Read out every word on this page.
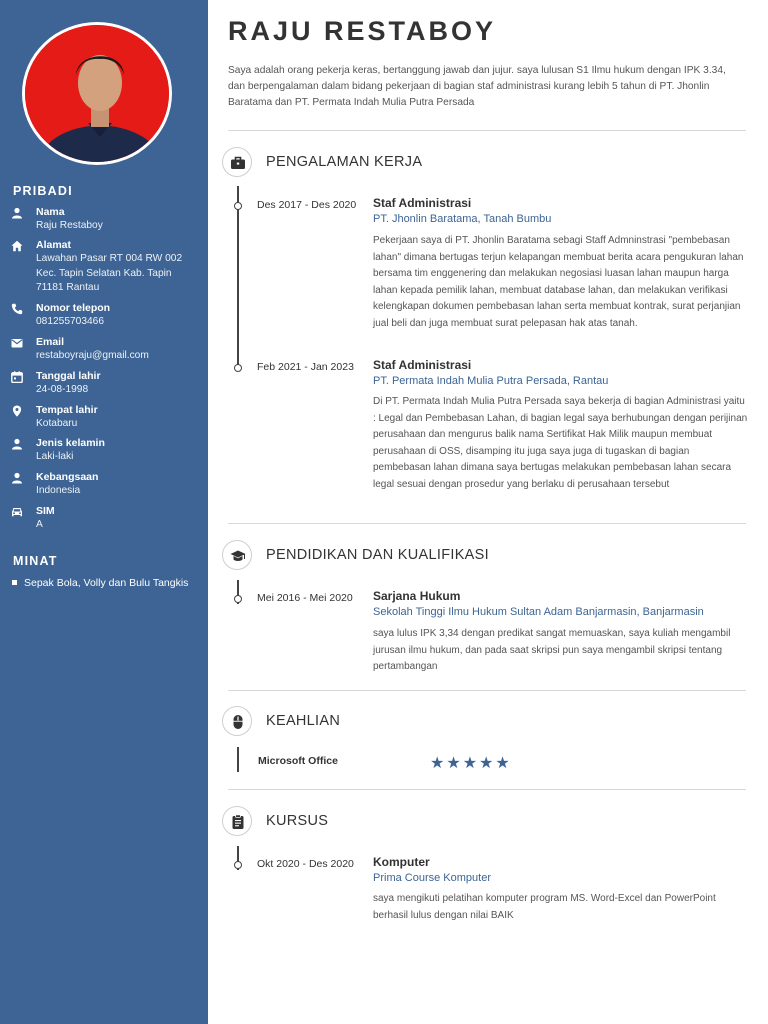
PRIBADI
Nama
Raju Restaboy
Alamat
Lawahan Pasar RT 004 RW 002 Kec. Tapin Selatan Kab. Tapin 71181 Rantau
Nomor telepon
081255703466
Email
restaboyraju@gmail.com
Tanggal lahir
24-08-1998
Tempat lahir
Kotabaru
Jenis kelamin
Laki-laki
Kebangsaan
Indonesia
SIM
A
MINAT
Sepak Bola, Volly dan Bulu Tangkis
RAJU RESTABOY
Saya adalah orang pekerja keras, bertanggung jawab dan jujur. saya lulusan S1 Ilmu hukum dengan IPK 3.34, dan berpengalaman dalam bidang pekerjaan di bagian staf administrasi kurang lebih 5 tahun di PT. Jhonlin Baratama dan PT. Permata Indah Mulia Putra Persada
PENGALAMAN KERJA
Des 2017 - Des 2020 Staf Administrasi
PT. Jhonlin Baratama, Tanah Bumbu
Pekerjaan saya di PT. Jhonlin Baratama sebagi Staff Admninstrasi "pembebasan lahan" dimana bertugas terjun kelapangan membuat berita acara pengukuran lahan bersama tim enggenering dan melakukan negosiasi luasan lahan maupun harga lahan kepada pemilik lahan, membuat database lahan, dan melakukan verifikasi kelengkapan dokumen pembebasan lahan serta membuat kontrak, surat perjanjian jual beli dan juga membuat surat pelepasan hak atas tanah.
Feb 2021 - Jan 2023 Staf Administrasi
PT. Permata Indah Mulia Putra Persada, Rantau
Di PT. Permata Indah Mulia Putra Persada saya bekerja di bagian Administrasi yaitu : Legal dan Pembebasan Lahan, di bagian legal saya berhubungan dengan perijinan perusahaan dan mengurus balik nama Sertifikat Hak Milik maupun membuat perusahaan di OSS, disamping itu juga saya juga di tugaskan di bagian pembebasan lahan dimana saya bertugas melakukan pembebasan lahan secara legal sesuai dengan prosedur yang berlaku di perusahaan tersebut
PENDIDIKAN DAN KUALIFIKASI
Mei 2016 - Mei 2020 Sarjana Hukum
Sekolah Tinggi Ilmu Hukum Sultan Adam Banjarmasin, Banjarmasin
saya lulus IPK 3,34 dengan predikat sangat memuaskan, saya kuliah mengambil jurusan ilmu hukum, dan pada saat skripsi pun saya mengambil skripsi tentang pertambangan
KEAHLIAN
Microsoft Office	★★★★★
KURSUS
Okt 2020 - Des 2020 Komputer
Prima Course Komputer
saya mengikuti pelatihan komputer program MS. Word-Excel dan PowerPoint berhasil lulus dengan nilai BAIK
